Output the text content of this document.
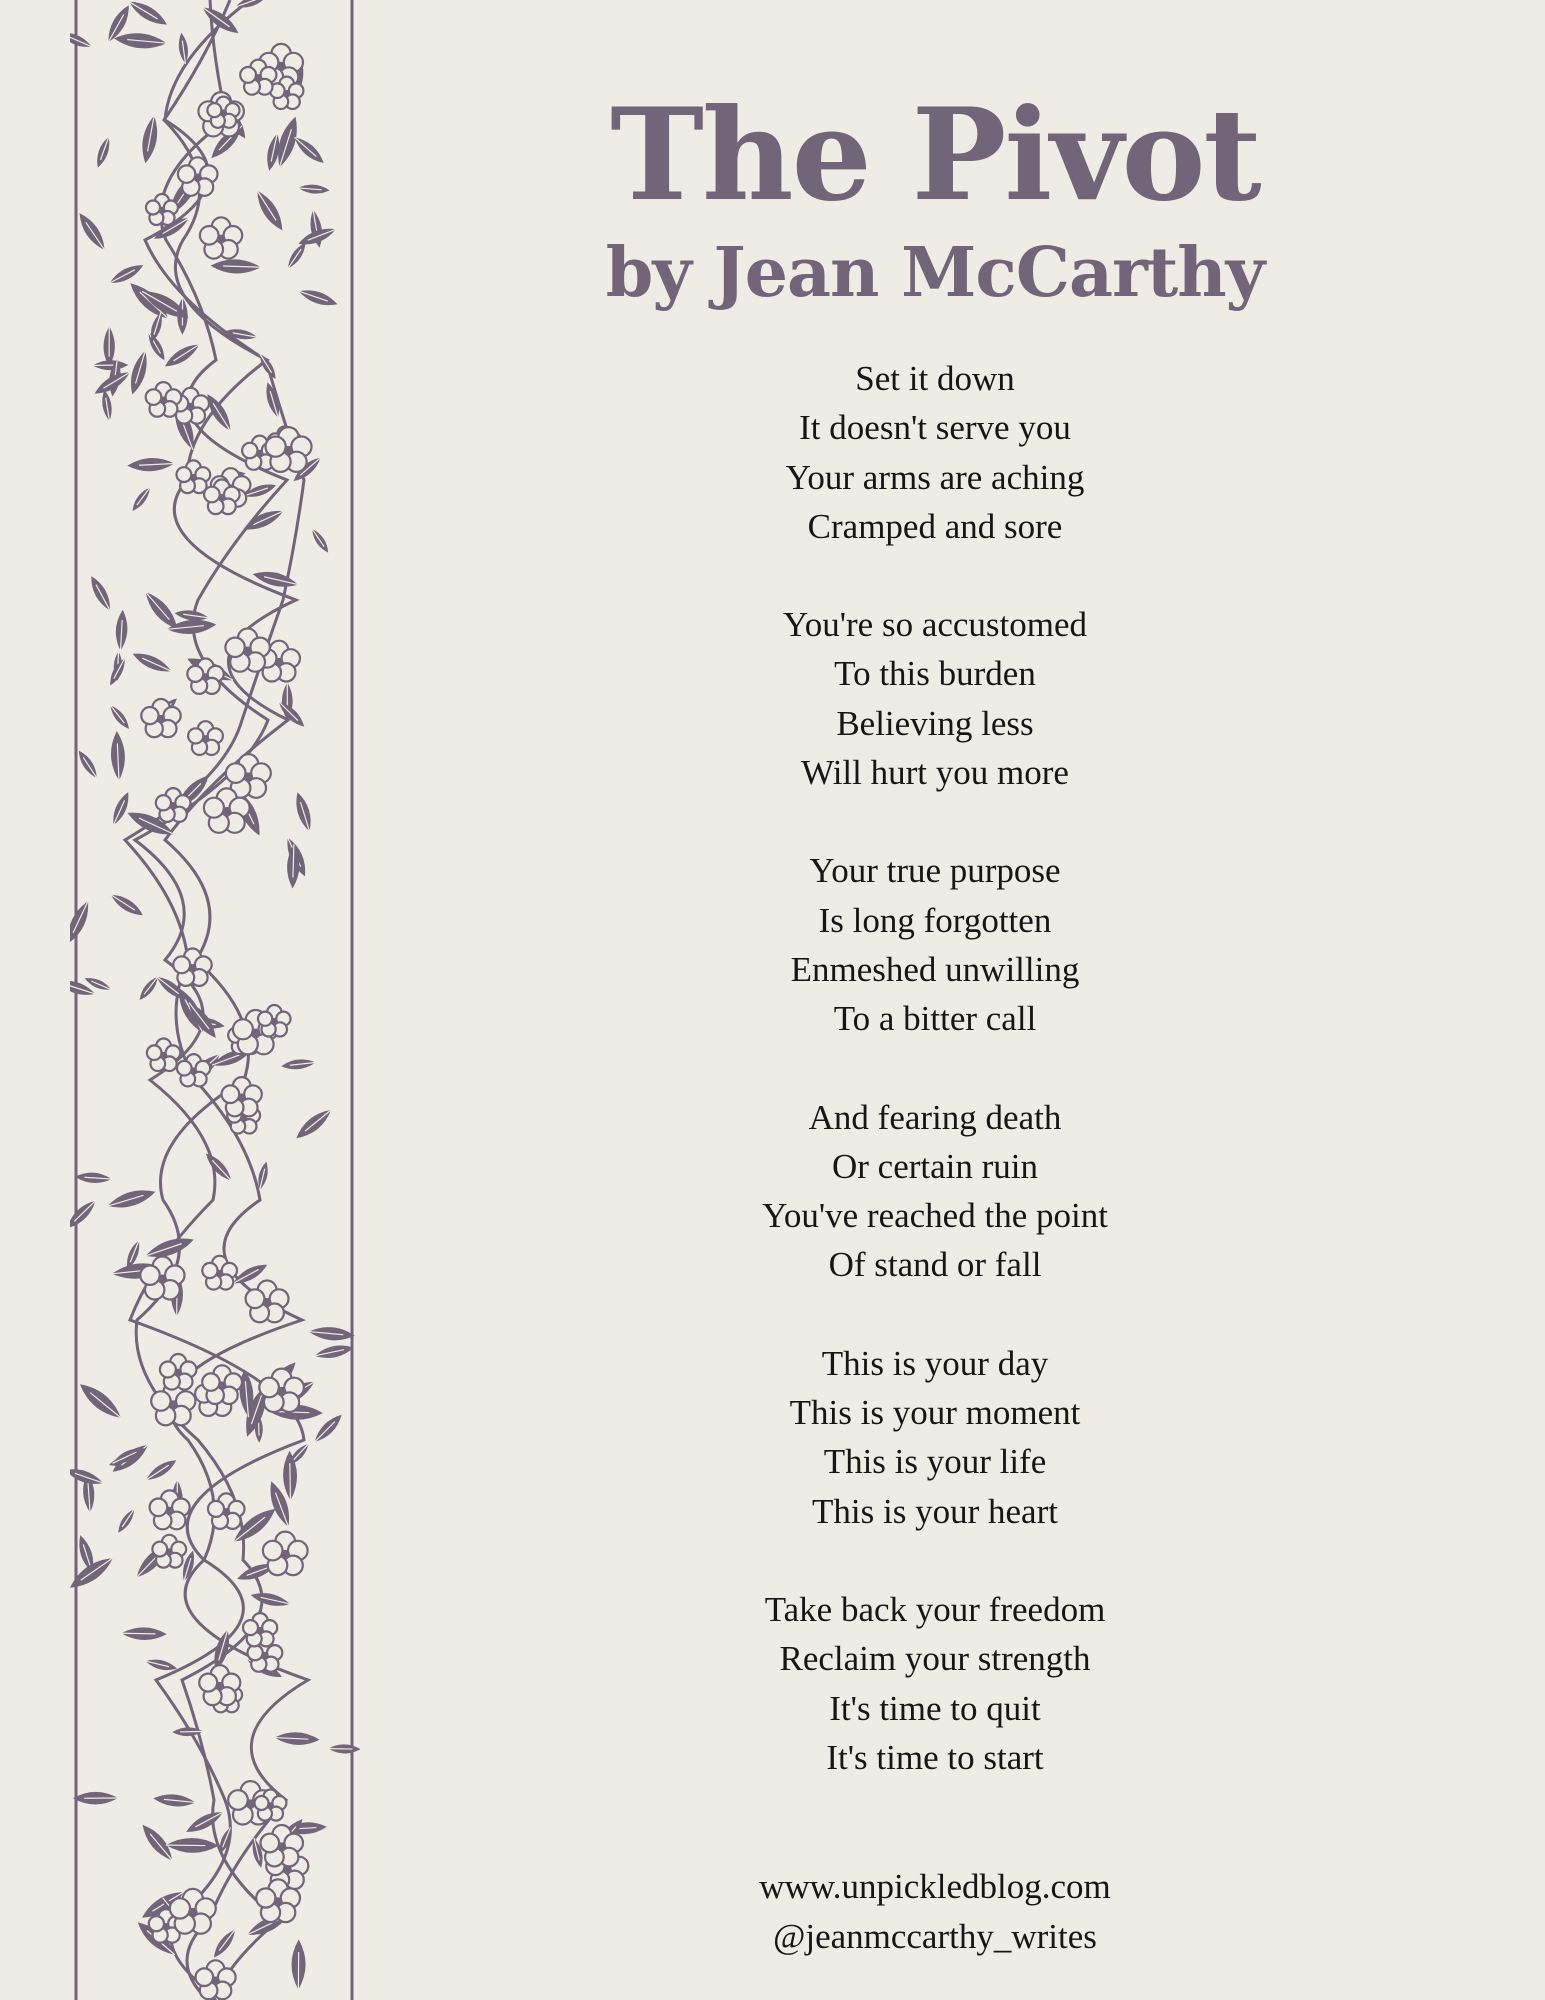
The Pivot
by Jean McCarthy
Set it down
It doesn't serve you
Your arms are aching
Cramped and sore
You're so accustomed
To this burden
Believing less
Will hurt you more
Your true purpose
Is long forgotten
Enmeshed unwilling
To a bitter call
And fearing death
Or certain ruin
You've reached the point
Of stand or fall
This is your day
This is your moment
This is your life
This is your heart
Take back your freedom
Reclaim your strength
It's time to quit
It's time to start
www.unpickledblog.com
@jeanmccarthy_writes
